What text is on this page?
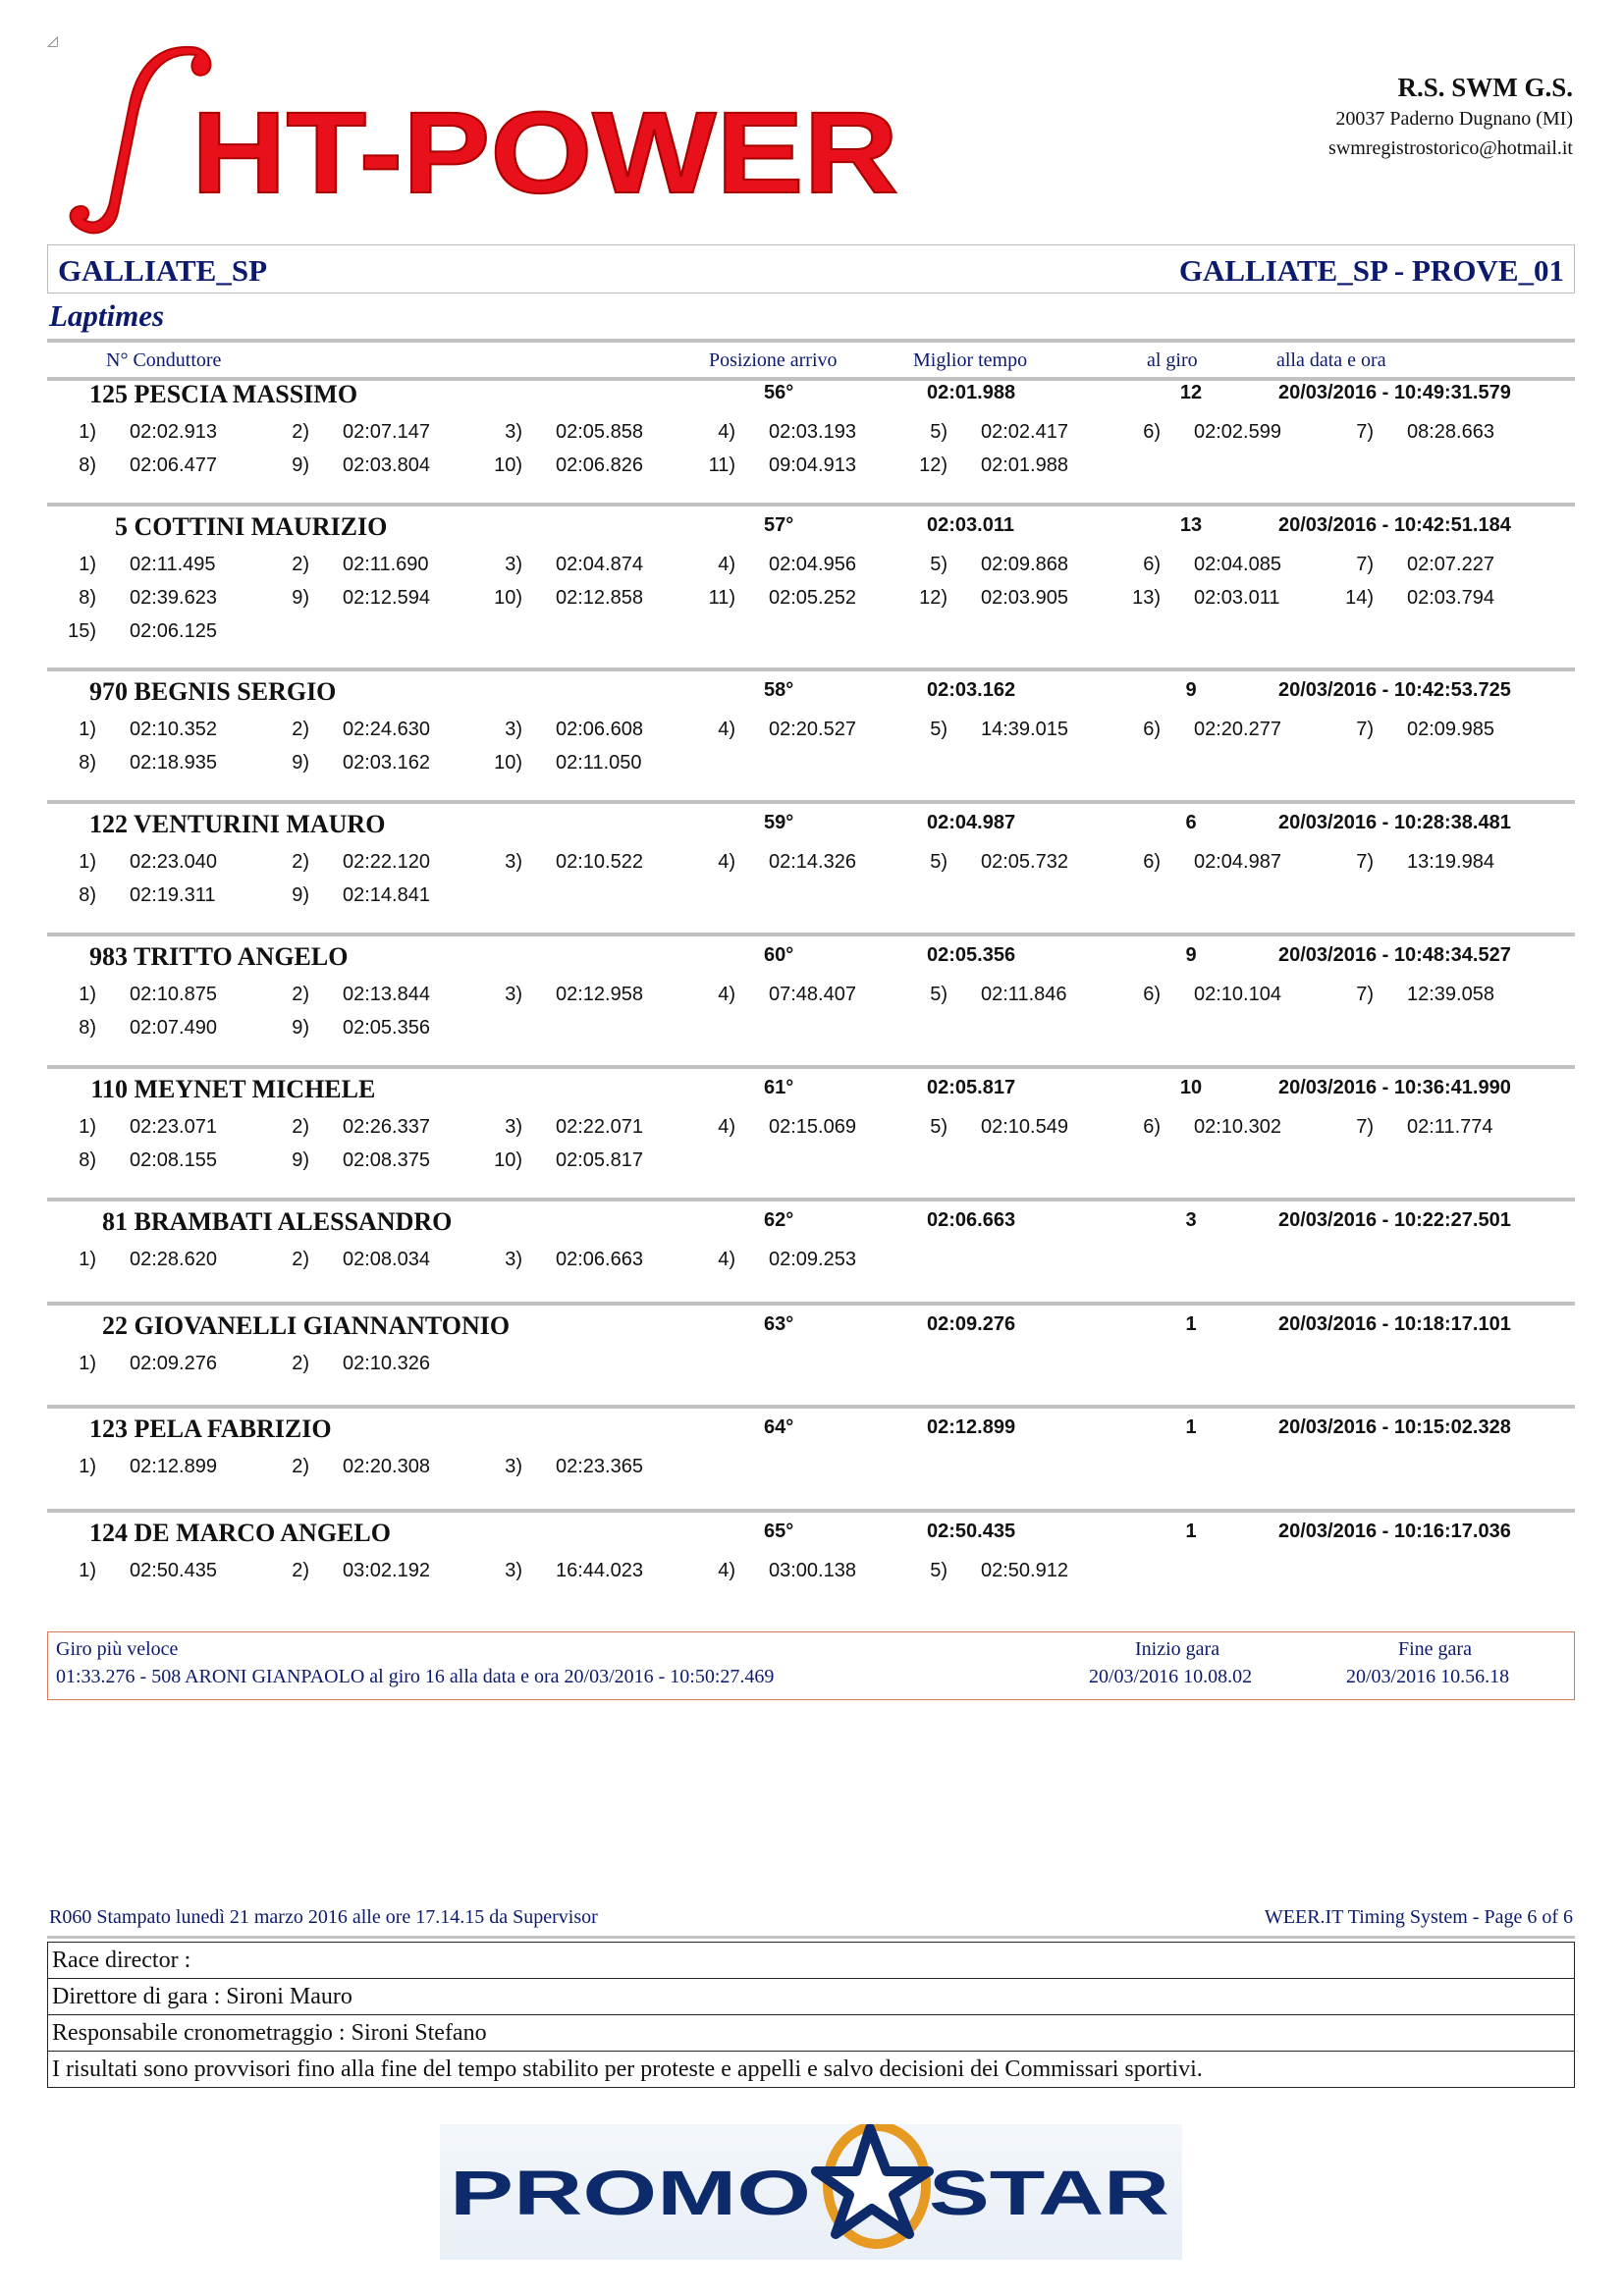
◿
HT-POWER
R.S. SWM G.S.
20037 Paderno Dugnano (MI)
swmregistrostorico@hotmail.it
GALLIATE_SP	GALLIATE_SP - PROVE_01
Laptimes
N° Conduttore	Posizione arrivo	Miglior tempo	al giro	alla data e ora
125 PESCIA MASSIMO	56°	02:01.988	12	20/03/2016 - 10:49:31.579
1) 02:02.913	2) 02:07.147	3) 02:05.858	4) 02:03.193	5) 02:02.417	6) 02:02.599	7) 08:28.663
8) 02:06.477	9) 02:03.804	10) 02:06.826	11) 09:04.913	12) 02:01.988
5 COTTINI MAURIZIO	57°	02:03.011	13	20/03/2016 - 10:42:51.184
1) 02:11.495	2) 02:11.690	3) 02:04.874	4) 02:04.956	5) 02:09.868	6) 02:04.085	7) 02:07.227
8) 02:39.623	9) 02:12.594	10) 02:12.858	11) 02:05.252	12) 02:03.905	13) 02:03.011	14) 02:03.794
15) 02:06.125
970 BEGNIS SERGIO	58°	02:03.162	9	20/03/2016 - 10:42:53.725
1) 02:10.352	2) 02:24.630	3) 02:06.608	4) 02:20.527	5) 14:39.015	6) 02:20.277	7) 02:09.985
8) 02:18.935	9) 02:03.162	10) 02:11.050
122 VENTURINI MAURO	59°	02:04.987	6	20/03/2016 - 10:28:38.481
1) 02:23.040	2) 02:22.120	3) 02:10.522	4) 02:14.326	5) 02:05.732	6) 02:04.987	7) 13:19.984
8) 02:19.311	9) 02:14.841
983 TRITTO ANGELO	60°	02:05.356	9	20/03/2016 - 10:48:34.527
1) 02:10.875	2) 02:13.844	3) 02:12.958	4) 07:48.407	5) 02:11.846	6) 02:10.104	7) 12:39.058
8) 02:07.490	9) 02:05.356
110 MEYNET MICHELE	61°	02:05.817	10	20/03/2016 - 10:36:41.990
1) 02:23.071	2) 02:26.337	3) 02:22.071	4) 02:15.069	5) 02:10.549	6) 02:10.302	7) 02:11.774
8) 02:08.155	9) 02:08.375	10) 02:05.817
81 BRAMBATI ALESSANDRO	62°	02:06.663	3	20/03/2016 - 10:22:27.501
1) 02:28.620	2) 02:08.034	3) 02:06.663	4) 02:09.253
22 GIOVANELLI GIANNANTONIO	63°	02:09.276	1	20/03/2016 - 10:18:17.101
1) 02:09.276	2) 02:10.326
123 PELA FABRIZIO	64°	02:12.899	1	20/03/2016 - 10:15:02.328
1) 02:12.899	2) 02:20.308	3) 02:23.365
124 DE MARCO ANGELO	65°	02:50.435	1	20/03/2016 - 10:16:17.036
1) 02:50.435	2) 03:02.192	3) 16:44.023	4) 03:00.138	5) 02:50.912
Giro più veloce
01:33.276 - 508 ARONI GIANPAOLO al giro 16 alla data e ora 20/03/2016 - 10:50:27.469
Inizio gara
20/03/2016 10.08.02
Fine gara
20/03/2016 10.56.18
R060 Stampato lunedì 21 marzo 2016 alle ore 17.14.15 da Supervisor	WEER.IT Timing System - Page 6 of 6
Race director :
Direttore di gara : Sironi Mauro
Responsabile cronometraggio : Sironi Stefano
I risultati sono provvisori fino alla fine del tempo stabilito per proteste e appelli e salvo decisioni dei Commissari sportivi.
PROMO STAR
